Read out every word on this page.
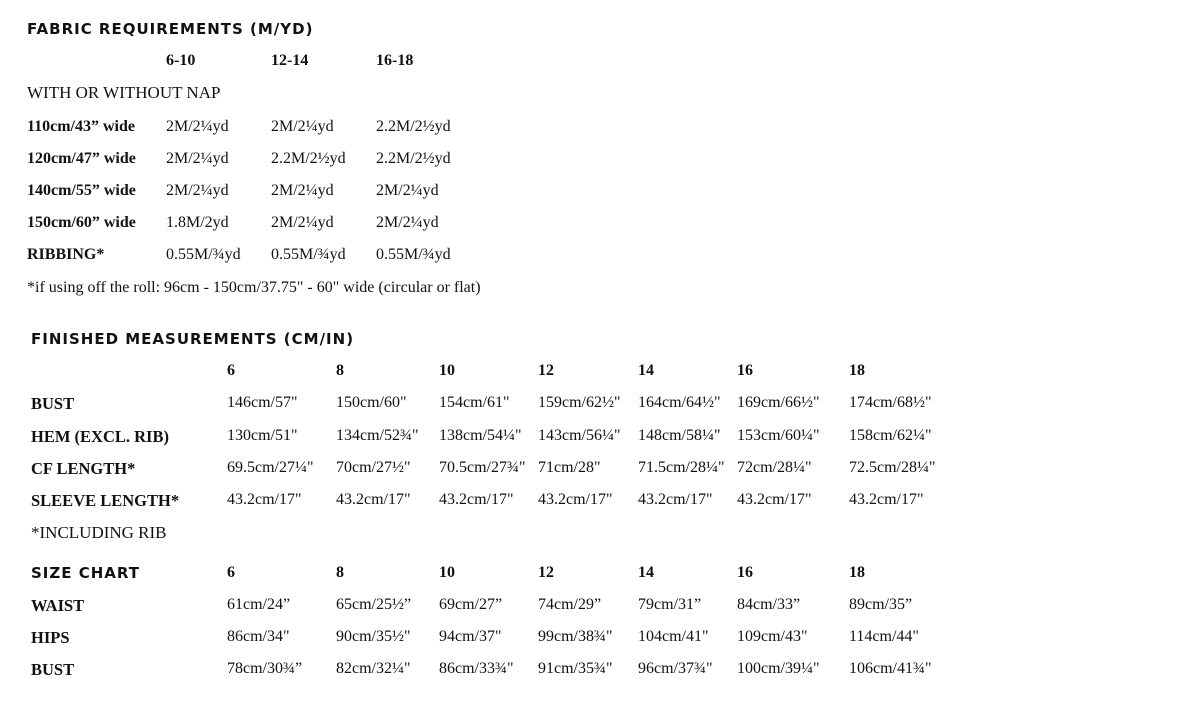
FABRIC REQUIREMENTS (M/YD)
6-10	12-14	16-18
WITH OR WITHOUT NAP
110cm/43” wide 2M/2¼yd	2M/2¼yd	2.2M/2½yd
120cm/47” wide 2M/2¼yd	2.2M/2½yd 2.2M/2½yd
140cm/55” wide 2M/2¼yd	2M/2¼yd	2M/2¼yd
150cm/60” wide 1.8M/2yd	2M/2¼yd	2M/2¼yd
RIBBING*	0.55M/¾yd 0.55M/¾yd 0.55M/¾yd
*if using off the roll: 96cm - 150cm/37.75" - 60" wide (circular or flat)
FINISHED MEASUREMENTS (CM/IN)
6	8	10	12	14	16	18
BUST	146cm/57" 150cm/60" 154cm/61" 159cm/62½" 164cm/64½" 169cm/66½" 174cm/68½"
HEM (EXCL. RIB)	130cm/51" 134cm/52¾" 138cm/54¼" 143cm/56¼" 148cm/58¼" 153cm/60¼" 158cm/62¼"
CF LENGTH*	69.5cm/27¼" 70cm/27½" 70.5cm/27¾" 71cm/28" 71.5cm/28¼" 72cm/28¼" 72.5cm/28¼"
SLEEVE LENGTH*	43.2cm/17" 43.2cm/17" 43.2cm/17" 43.2cm/17" 43.2cm/17" 43.2cm/17" 43.2cm/17"
*INCLUDING RIB
SIZE CHART	6	8	10	12	14	16	18
WAIST	61cm/24”	65cm/25½” 69cm/27” 74cm/29” 79cm/31” 84cm/33”	89cm/35”
HIPS	86cm/34"	90cm/35½" 94cm/37" 99cm/38¾" 104cm/41" 109cm/43"	114cm/44"
BUST	78cm/30¾” 82cm/32¼" 86cm/33¾" 91cm/35¾" 96cm/37¾" 100cm/39¼" 106cm/41¾"
